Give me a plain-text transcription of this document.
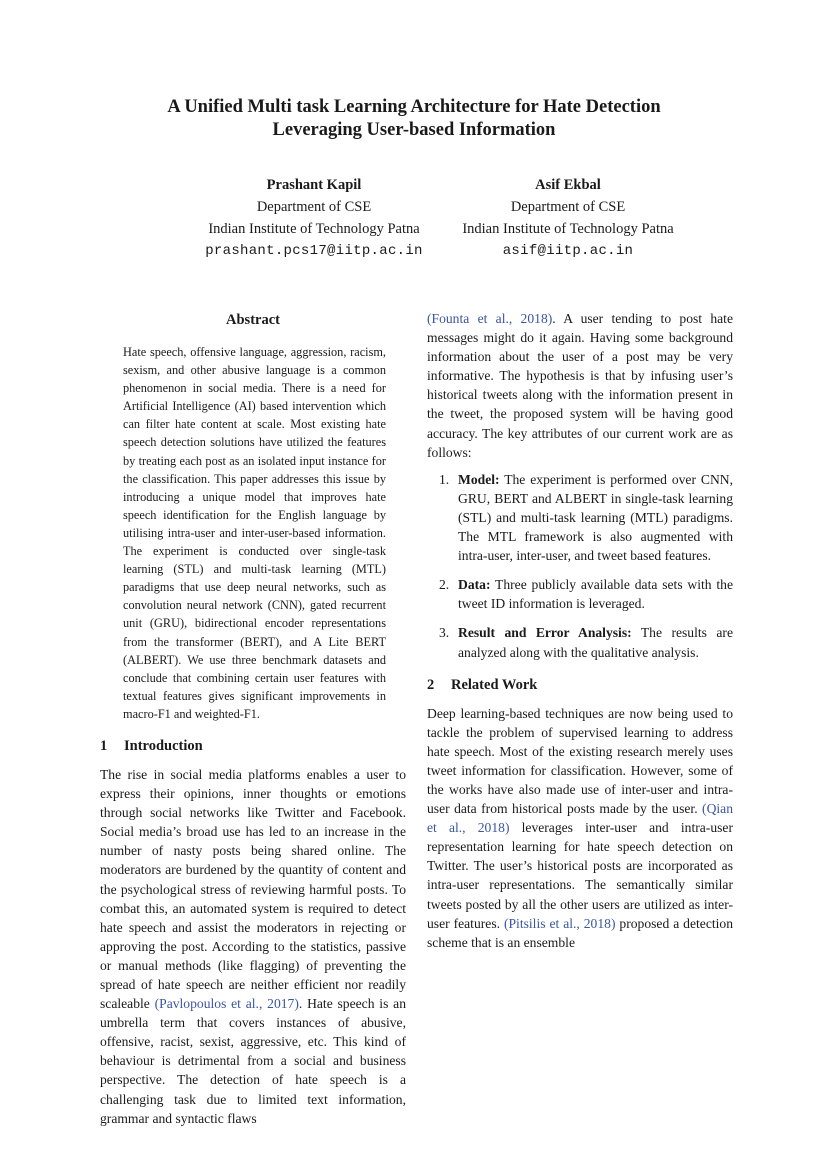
A Unified Multi task Learning Architecture for Hate Detection
Leveraging User-based Information
Prashant Kapil
Department of CSE
Indian Institute of Technology Patna
prashant.pcs17@iitp.ac.in
Asif Ekbal
Department of CSE
Indian Institute of Technology Patna
asif@iitp.ac.in
Abstract

Hate speech, offensive language, aggression, racism, sexism, and other abusive language is a common phenomenon in social media. There is a need for Artificial Intelligence (AI) based intervention which can filter hate content at scale. Most existing hate speech detection solutions have utilized the features by treating each post as an isolated input instance for the classification. This paper addresses this issue by introducing a unique model that improves hate speech identification for the English language by utilising intra-user and inter-user-based information. The experiment is conducted over single-task learning (STL) and multi-task learning (MTL) paradigms that use deep neural networks, such as convolution neural network (CNN), gated recurrent unit (GRU), bidirectional encoder representations from the transformer (BERT), and A Lite BERT (ALBERT). We use three benchmark datasets and conclude that combining certain user features with textual features gives significant improvements in macro-F1 and weighted-F1.

1 Introduction

The rise in social media platforms enables a user to express their opinions, inner thoughts or emotions through social networks like Twitter and Facebook. Social media’s broad use has led to an increase in the number of nasty posts being shared online. The moderators are burdened by the quantity of content and the psychological stress of reviewing harmful posts. To combat this, an automated system is required to detect hate speech and assist the moderators in rejecting or approving the post. According to the statistics, passive or manual methods (like flagging) of preventing the spread of hate speech are neither efficient nor readily scaleable (Pavlopoulos et al., 2017). Hate speech is an umbrella term that covers instances of abusive, offensive, racist, sexist, aggressive, etc. This kind of behaviour is detrimental from a social and business perspective. The detection of hate speech is a challenging task due to limited text information, grammar and syntactic flaws

(Founta et al., 2018). A user tending to post hate messages might do it again. Having some background information about the user of a post may be very informative. The hypothesis is that by infusing user’s historical tweets along with the information present in the tweet, the proposed system will be having good accuracy. The key attributes of our current work are as follows:

1. Model: The experiment is performed over CNN, GRU, BERT and ALBERT in single-task learning (STL) and multi-task learning (MTL) paradigms. The MTL framework is also augmented with intra-user, inter-user, and tweet based features.
2. Data: Three publicly available data sets with the tweet ID information is leveraged.
3. Result and Error Analysis: The results are analyzed along with the qualitative analysis.
2 Related Work

Deep learning-based techniques are now being used to tackle the problem of supervised learning to address hate speech. Most of the existing research merely uses tweet information for classification. However, some of the works have also made use of inter-user and intra-user data from historical posts made by the user. (Qian et al., 2018) leverages inter-user and intra-user representation learning for hate speech detection on Twitter. The user’s historical posts are incorporated as intra-user representations. The semantically similar tweets posted by all the other users are utilized as inter-user features. (Pitsilis et al., 2018) proposed a detection scheme that is an ensemble
